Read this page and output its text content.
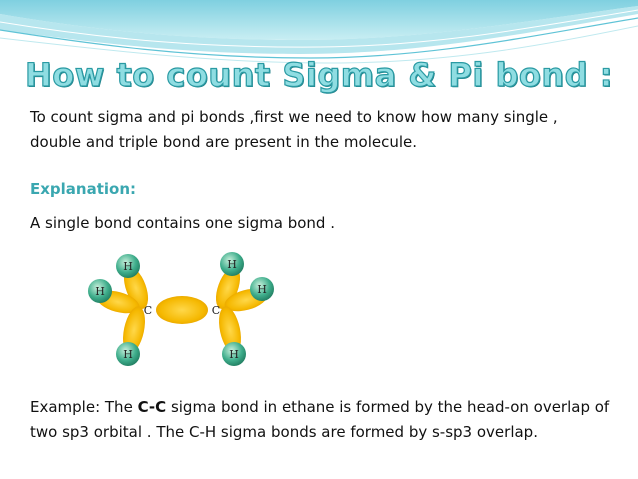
How to count Sigma & Pi bond :

To count sigma and pi bonds ,first we need to know how many single , double and triple bond are present in the molecule.

Explanation:

A single bond contains one sigma bond .

H
H
H
H
H
H
C	C

Example: The C-C sigma bond in ethane is formed by the head-on overlap of two sp3 orbital . The C-H sigma bonds are formed by s-sp3 overlap.
